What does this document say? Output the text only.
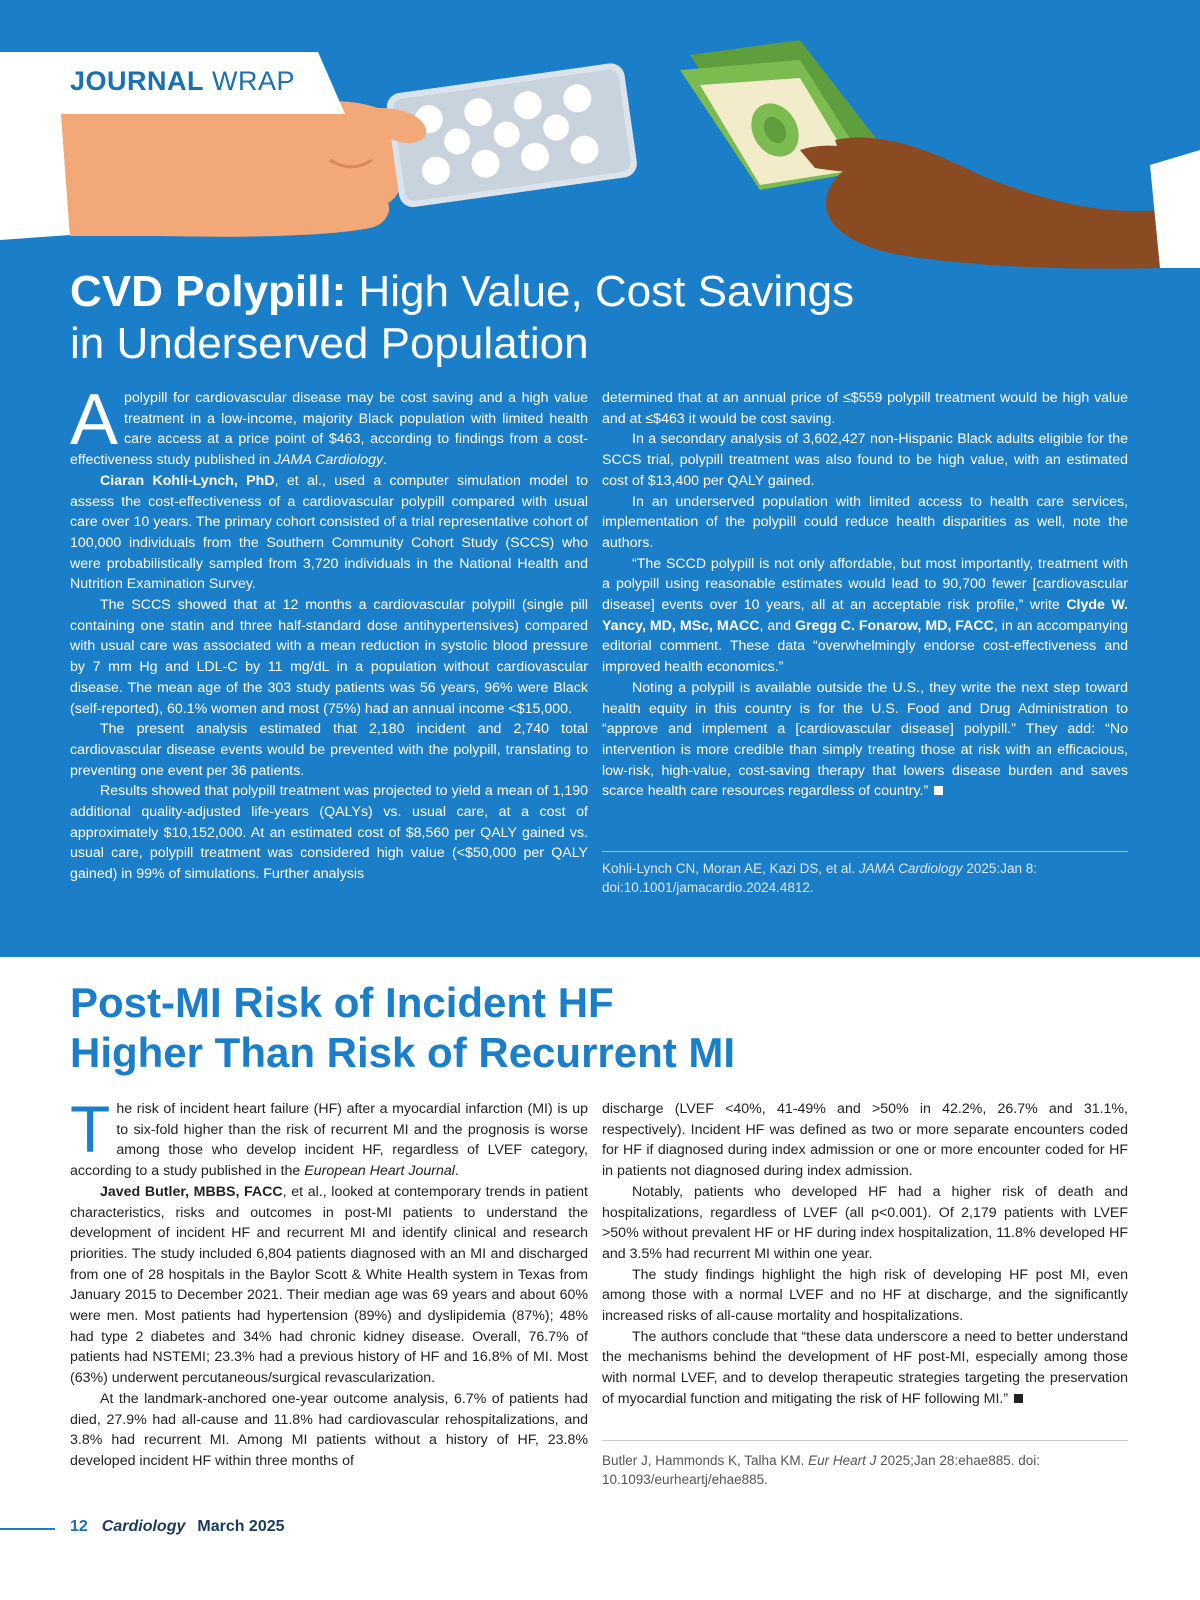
JOURNAL WRAP
CVD Polypill: High Value, Cost Savings
in Underserved Population

Apolypill for cardiovascular disease may be cost saving and a high value treatment in a low-income, majority Black population with limited health care access at a price point of $463, according to findings from a cost-effectiveness study published in JAMA Cardiology.

Ciaran Kohli-Lynch, PhD, et al., used a computer simulation model to assess the cost-effectiveness of a cardiovascular polypill compared with usual care over 10 years. The primary cohort consisted of a trial representative cohort of 100,000 individuals from the Southern Community Cohort Study (SCCS) who were probabilistically sampled from 3,720 individuals in the National Health and Nutrition Examination Survey.

The SCCS showed that at 12 months a cardiovascular polypill (single pill containing one statin and three half-standard dose antihypertensives) compared with usual care was associated with a mean reduction in systolic blood pressure by 7 mm Hg and LDL-C by 11 mg/dL in a population without cardiovascular disease. The mean age of the 303 study patients was 56 years, 96% were Black (self-reported), 60.1% women and most (75%) had an annual income <$15,000.

The present analysis estimated that 2,180 incident and 2,740 total cardiovascular disease events would be prevented with the polypill, translating to preventing one event per 36 patients.

Results showed that polypill treatment was projected to yield a mean of 1,190 additional quality-adjusted life-years (QALYs) vs. usual care, at a cost of approximately $10,152,000. At an estimated cost of $8,560 per QALY gained vs. usual care, polypill treatment was considered high value (<$50,000 per QALY gained) in 99% of simulations. Further analysis

determined that at an annual price of ≤$559 polypill treatment would be high value and at ≤$463 it would be cost saving.

In a secondary analysis of 3,602,427 non-Hispanic Black adults eligible for the SCCS trial, polypill treatment was also found to be high value, with an estimated cost of $13,400 per QALY gained.

In an underserved population with limited access to health care services, implementation of the polypill could reduce health disparities as well, note the authors.

“The SCCD polypill is not only affordable, but most importantly, treatment with a polypill using reasonable estimates would lead to 90,700 fewer [cardiovascular disease] events over 10 years, all at an acceptable risk profile,” write Clyde W. Yancy, MD, MSc, MACC, and Gregg C. Fonarow, MD, FACC, in an accompanying editorial comment. These data “overwhelmingly endorse cost-effectiveness and improved health economics.”

Noting a polypill is available outside the U.S., they write the next step toward health equity in this country is for the U.S. Food and Drug Administration to “approve and implement a [cardiovascular disease] polypill.” They add: “No intervention is more credible than simply treating those at risk with an efficacious, low-risk, high-value, cost-saving therapy that lowers disease burden and saves scarce health care resources regardless of country.”

Kohli-Lynch CN, Moran AE, Kazi DS, et al. JAMA Cardiology 2025:Jan 8: doi:10.1001/jamacardio.2024.4812.
Post-MI Risk of Incident HF
Higher Than Risk of Recurrent MI

The risk of incident heart failure (HF) after a myocardial infarction (MI) is up to six-fold higher than the risk of recurrent MI and the prognosis is worse among those who develop incident HF, regardless of LVEF category, according to a study published in the European Heart Journal.

Javed Butler, MBBS, FACC, et al., looked at contemporary trends in patient characteristics, risks and outcomes in post-MI patients to understand the development of incident HF and recurrent MI and identify clinical and research priorities. The study included 6,804 patients diagnosed with an MI and discharged from one of 28 hospitals in the Baylor Scott & White Health system in Texas from January 2015 to December 2021. Their median age was 69 years and about 60% were men. Most patients had hypertension (89%) and dyslipidemia (87%); 48% had type 2 diabetes and 34% had chronic kidney disease. Overall, 76.7% of patients had NSTEMI; 23.3% had a previous history of HF and 16.8% of MI. Most (63%) underwent percutaneous/surgical revascularization.

At the landmark-anchored one-year outcome analysis, 6.7% of patients had died, 27.9% had all-cause and 11.8% had cardiovascular rehospitalizations, and 3.8% had recurrent MI. Among MI patients without a history of HF, 23.8% developed incident HF within three months of

discharge (LVEF <40%, 41-49% and >50% in 42.2%, 26.7% and 31.1%, respectively). Incident HF was defined as two or more separate encounters coded for HF if diagnosed during index admission or one or more encounter coded for HF in patients not diagnosed during index admission.

Notably, patients who developed HF had a higher risk of death and hospitalizations, regardless of LVEF (all p<0.001). Of 2,179 patients with LVEF >50% without prevalent HF or HF during index hospitalization, 11.8% developed HF and 3.5% had recurrent MI within one year.

The study findings highlight the high risk of developing HF post MI, even among those with a normal LVEF and no HF at discharge, and the significantly increased risks of all-cause mortality and hospitalizations.

The authors conclude that “these data underscore a need to better understand the mechanisms behind the development of HF post-MI, especially among those with normal LVEF, and to develop therapeutic strategies targeting the preservation of myocardial function and mitigating the risk of HF following MI.”

Butler J, Hammonds K, Talha KM. Eur Heart J 2025;Jan 28:ehae885. doi: 10.1093/eurheartj/ehae885.
12 Cardiology March 2025
